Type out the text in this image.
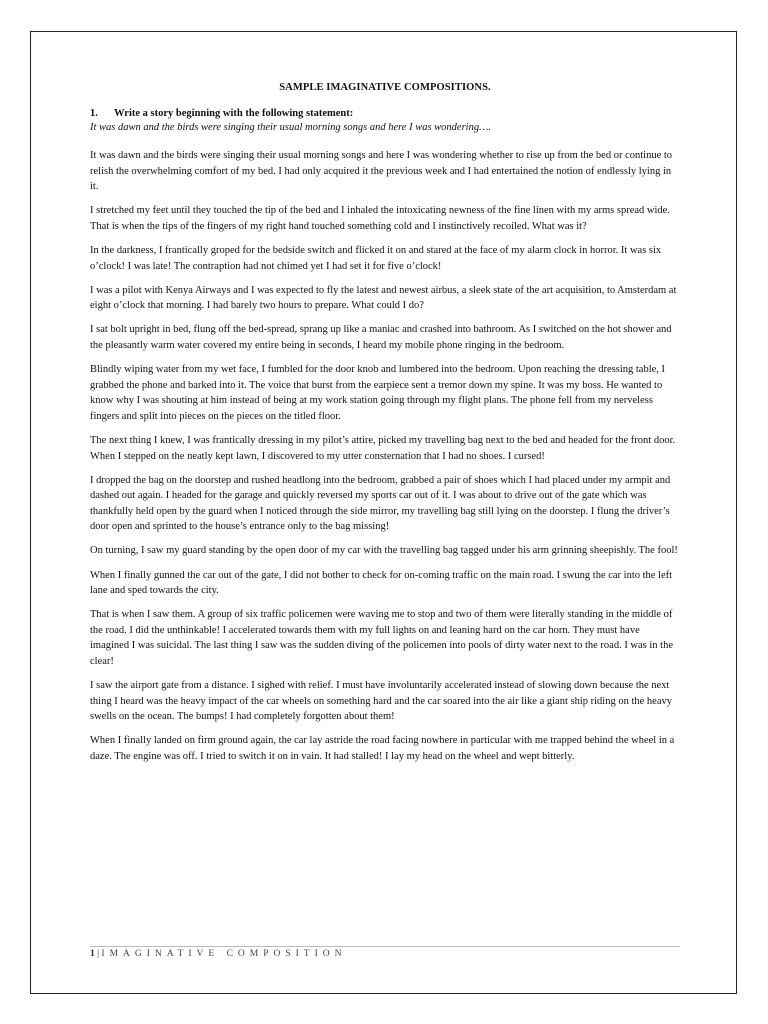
SAMPLE IMAGINATIVE COMPOSITIONS.

1. Write a story beginning with the following statement:

It was dawn and the birds were singing their usual morning songs and here I was wondering….

It was dawn and the birds were singing their usual morning songs and here I was wondering whether to rise up from the bed or continue to relish the overwhelming comfort of my bed. I had only acquired it the previous week and I had entertained the notion of endlessly lying in it.

I stretched my feet until they touched the tip of the bed and I inhaled the intoxicating newness of the fine linen with my arms spread wide. That is when the tips of the fingers of my right hand touched something cold and I instinctively recoiled. What was it?

In the darkness, I frantically groped for the bedside switch and flicked it on and stared at the face of my alarm clock in horror. It was six o’clock! I was late! The contraption had not chimed yet I had set it for five o’clock!

I was a pilot with Kenya Airways and I was expected to fly the latest and newest airbus, a sleek state of the art acquisition, to Amsterdam at eight o’clock that morning. I had barely two hours to prepare. What could I do?

I sat bolt upright in bed, flung off the bed-spread, sprang up like a maniac and crashed into bathroom. As I switched on the hot shower and the pleasantly warm water covered my entire being in seconds, I heard my mobile phone ringing in the bedroom.

Blindly wiping water from my wet face, I fumbled for the door knob and lumbered into the bedroom. Upon reaching the dressing table, I grabbed the phone and barked into it. The voice that burst from the earpiece sent a tremor down my spine. It was my boss. He wanted to know why I was shouting at him instead of being at my work station going through my flight plans. The phone fell from my nerveless fingers and split into pieces on the pieces on the titled floor.

The next thing I knew, I was frantically dressing in my pilot’s attire, picked my travelling bag next to the bed and headed for the front door. When I stepped on the neatly kept lawn, I discovered to my utter consternation that I had no shoes. I cursed!

I dropped the bag on the doorstep and rushed headlong into the bedroom, grabbed a pair of shoes which I had placed under my armpit and dashed out again. I headed for the garage and quickly reversed my sports car out of it. I was about to drive out of the gate which was thankfully held open by the guard when I noticed through the side mirror, my travelling bag still lying on the doorstep. I flung the driver’s door open and sprinted to the house’s entrance only to the bag missing!

On turning, I saw my guard standing by the open door of my car with the travelling bag tagged under his arm grinning sheepishly. The fool!

When I finally gunned the car out of the gate, I did not bother to check for on-coming traffic on the main road. I swung the car into the left lane and sped towards the city.

That is when I saw them. A group of six traffic policemen were waving me to stop and two of them were literally standing in the middle of the road. I did the unthinkable! I accelerated towards them with my full lights on and leaning hard on the car horn. They must have imagined I was suicidal. The last thing I saw was the sudden diving of the policemen into pools of dirty water next to the road. I was in the clear!

I saw the airport gate from a distance. I sighed with relief. I must have involuntarily accelerated instead of slowing down because the next thing I heard was the heavy impact of the car wheels on something hard and the car soared into the air like a giant ship riding on the heavy swells on the ocean. The bumps! I had completely forgotten about them!

When I finally landed on firm ground again, the car lay astride the road facing nowhere in particular with me trapped behind the wheel in a daze. The engine was off. I tried to switch it on in vain. It had stalled! I lay my head on the wheel and wept bitterly.

1 | IMAGINATIVE COMPOSITION
